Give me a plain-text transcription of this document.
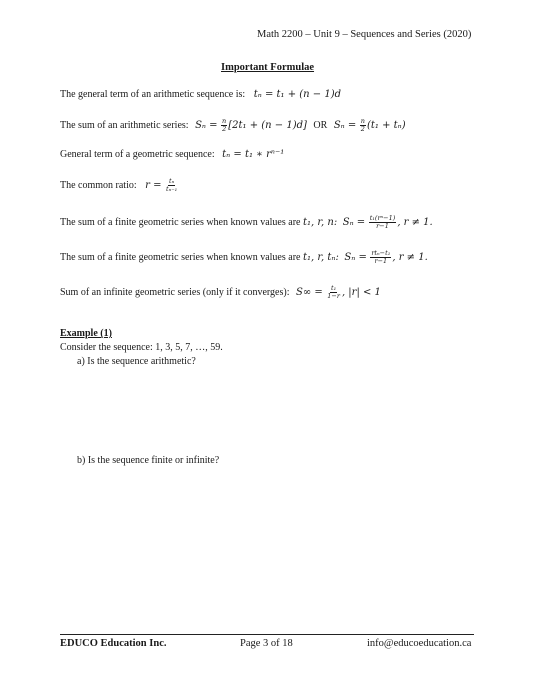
Math 2200 – Unit 9 – Sequences and Series (2020)
Important Formulae
The general term of an arithmetic sequence is: tₙ = t₁ + (n − 1)d
The sum of an arithmetic series: $S_n = \frac{n}{2} [2t_1 + (n - 1)d]$ OR $S_n = \frac{n}{2} (t_1 + t_n)$
General term of a geometric sequence: tₙ = t₁ ∗ rⁿ⁻¹
The common ratio: $r = \frac{\text{tₙ}}{\text{tₙ₋₁}}$
The sum of a finite geometric series when known values are t₁, r, n: $S_n = \frac{\text{t₁(rⁿ−1)}}{r-1}$ , r ≠ 1.
The sum of a finite geometric series when known values are t₁, r, tₙ: $S_n = \frac{\text{rtₙ−t₁}}{r-1}$ , r ≠ 1.
Sum of an infinite geometric series (only if it converges): $S\infty = \frac{\text{t₁}}{1-r}$ , |r| < 1
Example (1)
Consider the sequence: 1, 3, 5, 7, …, 59.
a) Is the sequence arithmetic?
b) Is the sequence finite or infinite?
EDUCO Education Inc.	Page 3 of 18	info@educoeducation.ca
